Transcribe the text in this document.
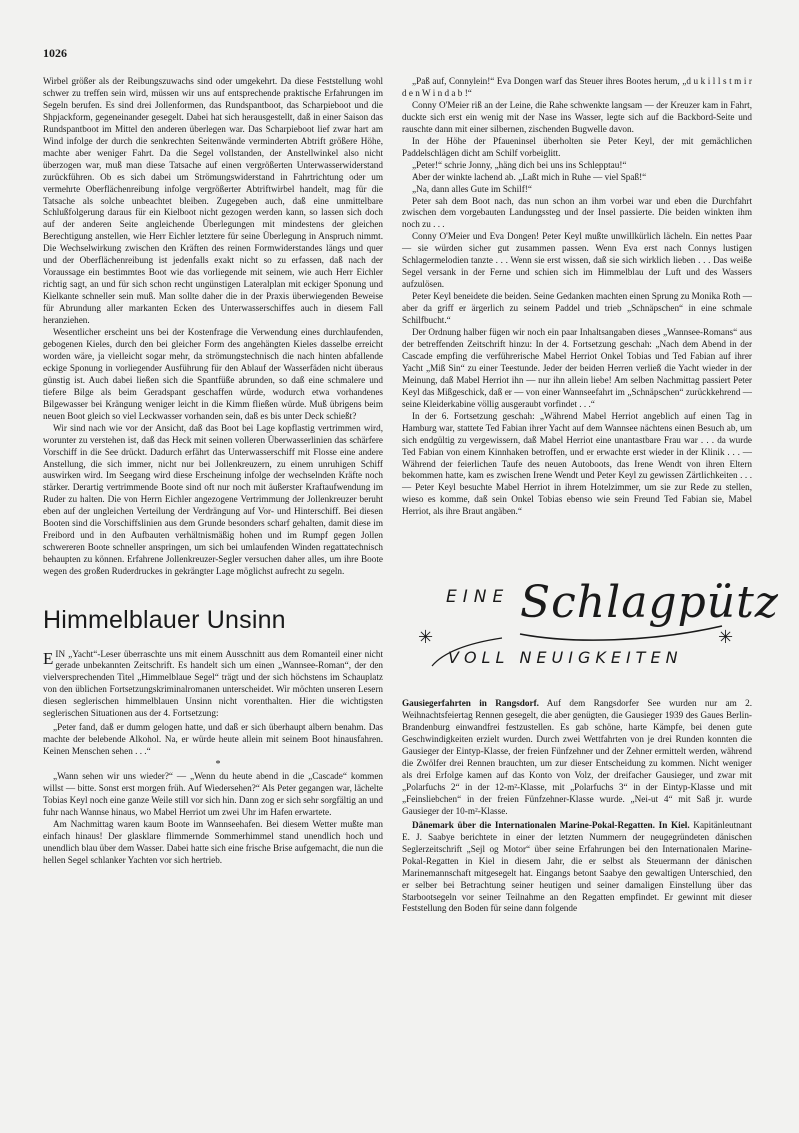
1026

Wirbel größer als der Reibungszuwachs sind oder umgekehrt. Da diese Feststellung wohl schwer zu treffen sein wird, müssen wir uns auf entsprechende praktische Erfahrungen im Segeln berufen. Es sind drei Jollenformen, das Rundspantboot, das Scharpieboot und die Shpjackform, gegeneinander gesegelt. Dabei hat sich herausgestellt, daß in einer Saison das Rundspantboot im Mittel den anderen überlegen war. Das Scharpieboot lief zwar hart am Wind infolge der durch die senkrechten Seitenwände verminderten Abtrift größere Höhe, machte aber weniger Fahrt. Da die Segel vollstanden, der Anstellwinkel also nicht überzogen war, muß man diese Tatsache auf einen vergrößerten Unterwasserwiderstand zurückführen. Ob es sich dabei um Strömungswiderstand in Fahrtrichtung oder um vermehrte Oberflächenreibung infolge vergrößerter Abtriftwirbel handelt, mag für die Tatsache als solche unbeachtet bleiben. Zugegeben auch, daß eine unmittelbare Schlußfolgerung daraus für ein Kielboot nicht gezogen werden kann, so lassen sich doch auf der anderen Seite angleichende Überlegungen mit mindestens der gleichen Berechtigung anstellen, wie Herr Eichler letztere für seine Überlegung in Anspruch nimmt. Die Wechselwirkung zwischen den Kräften des reinen Formwiderstandes längs und quer und der Oberflächenreibung ist jedenfalls exakt nicht so zu erfassen, daß nach der Voraussage ein bestimmtes Boot wie das vorliegende mit seinem, wie auch Herr Eichler richtig sagt, an und für sich schon recht ungünstigen Lateralplan mit eckiger Sponung und Kielkante schneller sein muß. Man sollte daher die in der Praxis überwiegenden Beweise für Abrundung aller markanten Ecken des Unterwasserschiffes auch in diesem Fall heranziehen.

Wesentlicher erscheint uns bei der Kostenfrage die Verwendung eines durchlaufenden, gebogenen Kieles, durch den bei gleicher Form des angehängten Kieles dasselbe erreicht worden wäre, ja vielleicht sogar mehr, da strömungstechnisch die nach hinten abfallende eckige Sponung in vorliegender Ausführung für den Ablauf der Wasserfäden nicht überaus günstig ist. Auch dabei ließen sich die Spantfüße abrunden, so daß eine schmalere und tiefere Bilge als beim Geradspant geschaffen würde, wodurch etwa vorhandenes Bilgewasser bei Krängung weniger leicht in die Kimm fließen würde. Muß übrigens beim neuen Boot gleich so viel Leckwasser vorhanden sein, daß es bis unter Deck schießt?

Wir sind nach wie vor der Ansicht, daß das Boot bei Lage kopflastig vertrimmen wird, worunter zu verstehen ist, daß das Heck mit seinen volleren Überwasserlinien das schärfere Vorschiff in die See drückt. Dadurch erfährt das Unterwasserschiff mit Flosse eine andere Anstellung, die sich immer, nicht nur bei Jollenkreuzern, zu einem unruhigen Schiff auswirken wird. Im Seegang wird diese Erscheinung infolge der wechselnden Kräfte noch stärker. Derartig vertrimmende Boote sind oft nur noch mit äußerster Kraftaufwendung im Ruder zu halten. Die von Herrn Eichler angezogene Vertrimmung der Jollenkreuzer beruht eben auf der ungleichen Verteilung der Verdrängung auf Vor- und Hinterschiff. Bei diesen Booten sind die Vorschiffslinien aus dem Grunde besonders scharf gehalten, damit diese im Freibord und in den Aufbauten verhältnismäßig hohen und im Rumpf gegen Jollen schwereren Boote schneller anspringen, um sich bei umlaufenden Winden regattatechnisch behaupten zu können. Erfahrene Jollenkreuzer-Segler versuchen daher alles, um ihre Boote wegen des großen Ruderdruckes in gekrängter Lage möglichst aufrecht zu segeln.

Himmelblauer Unsinn

EIN „Yacht“-Leser überraschte uns mit einem Ausschnitt aus dem Romanteil einer nicht gerade unbekannten Zeitschrift. Es handelt sich um einen „Wannsee-Roman“, der den vielversprechenden Titel „Himmelblaue Segel“ trägt und der sich höchstens im Schauplatz von den üblichen Fortsetzungskriminalromanen unterscheidet. Wir möchten unseren Lesern diesen seglerischen himmelblauen Unsinn nicht vorenthalten. Hier die wichtigsten seglerischen Situationen aus der 4. Fortsetzung:

„Peter fand, daß er dumm gelogen hatte, und daß er sich überhaupt albern benahm. Das machte der belebende Alkohol. Na, er würde heute allein mit seinem Boot hinausfahren. Keinen Menschen sehen . . .“

*

„Wann sehen wir uns wieder?“ — „Wenn du heute abend in die „Cascade“ kommen willst — bitte. Sonst erst morgen früh. Auf Wiedersehen?“ Als Peter gegangen war, lächelte Tobias Keyl noch eine ganze Weile still vor sich hin. Dann zog er sich sehr sorgfältig an und fuhr nach Wannse hinaus, wo Mabel Herriot um zwei Uhr im Hafen erwartete.

Am Nachmittag waren kaum Boote im Wannseehafen. Bei diesem Wetter mußte man einfach hinaus! Der glasklare flimmernde Sommerhimmel stand unendlich hoch und unendlich blau über dem Wasser. Dabei hatte sich eine frische Brise aufgemacht, die nun die hellen Segel schlanker Yachten vor sich hertrieb.

„Paß auf, Connylein!“ Eva Dongen warf das Steuer ihres Bootes herum, „d u k i l l s t m i r d e n W i n d a b !“

Conny O'Meier riß an der Leine, die Rahe schwenkte langsam — der Kreuzer kam in Fahrt, duckte sich erst ein wenig mit der Nase ins Wasser, legte sich auf die Backbord-Seite und rauschte dann mit einer silbernen, zischenden Bugwelle davon.

In der Höhe der Pfaueninsel überholten sie Peter Keyl, der mit gemächlichen Paddelschlägen dicht am Schilf vorbeiglitt.

„Peter!“ schrie Jonny, „häng dich bei uns ins Schlepptau!“

Aber der winkte lachend ab. „Laßt mich in Ruhe — viel Spaß!“

„Na, dann alles Gute im Schilf!“

Peter sah dem Boot nach, das nun schon an ihm vorbei war und eben die Durchfahrt zwischen dem vorgebauten Landungssteg und der Insel passierte. Die beiden winkten ihm noch zu . . .

Conny O'Meier und Eva Dongen! Peter Keyl mußte unwillkürlich lächeln. Ein nettes Paar — sie würden sicher gut zusammen passen. Wenn Eva erst nach Connys lustigen Schlagermelodien tanzte . . . Wenn sie erst wissen, daß sie sich wirklich lieben . . . Das weiße Segel versank in der Ferne und schien sich im Himmelblau der Luft und des Wassers aufzulösen.

Peter Keyl beneidete die beiden. Seine Gedanken machten einen Sprung zu Monika Roth — aber da griff er ärgerlich zu seinem Paddel und trieb „Schnäpschen“ in eine schmale Schilfbucht.“

Der Ordnung halber fügen wir noch ein paar Inhaltsangaben dieses „Wannsee-Romans“ aus der betreffenden Zeitschrift hinzu: In der 4. Fortsetzung geschah: „Nach dem Abend in der Cascade empfing die verführerische Mabel Herriot Onkel Tobias und Ted Fabian auf ihrer Yacht „Miß Sin“ zu einer Teestunde. Jeder der beiden Herren verließ die Yacht wieder in der Meinung, daß Mabel Herriot ihn — nur ihn allein liebe! Am selben Nachmittag passiert Peter Keyl das Mißgeschick, daß er — von einer Wannseefahrt im „Schnäpschen“ zurückkehrend — seine Kleiderkabine völlig ausgeraubt vorfindet . . .“

In der 6. Fortsetzung geschah: „Während Mabel Herriot angeblich auf einen Tag in Hamburg war, stattete Ted Fabian ihrer Yacht auf dem Wannsee nächtens einen Besuch ab, um sich endgültig zu vergewissern, daß Mabel Herriot eine unantastbare Frau war . . . da wurde Ted Fabian von einem Kinnhaken betroffen, und er erwachte erst wieder in der Klinik . . . — Während der feierlichen Taufe des neuen Autoboots, das Irene Wendt von ihren Eltern bekommen hatte, kam es zwischen Irene Wendt und Peter Keyl zu gewissen Zärtlichkeiten . . . — Peter Keyl besuchte Mabel Herriot in ihrem Hotelzimmer, um sie zur Rede zu stellen, wieso es komme, daß sein Onkel Tobias ebenso wie sein Freund Ted Fabian sie, Mabel Herriot, als ihre Braut angäben.“

EINE Schlagpütz
✳	✳
VOLL NEUIGKEITEN

Gausiegerfahrten in Rangsdorf. Auf dem Rangsdorfer See wurden nur am 2. Weihnachtsfeiertag Rennen gesegelt, die aber genügten, die Gausieger 1939 des Gaues Berlin-Brandenburg einwandfrei festzustellen. Es gab schöne, harte Kämpfe, bei denen gute Geschwindigkeiten erzielt wurden. Durch zwei Wettfahrten von je drei Runden konnten die Gausieger der Eintyp-Klasse, der freien Fünfzehner und der Zehner ermittelt werden, während die Zwölfer drei Rennen brauchten, um zur dieser Entscheidung zu kommen. Nicht weniger als drei Erfolge kamen auf das Konto von Volz, der dreifacher Gausieger, und zwar mit „Polarfuchs 2“ in der 12-m²-Klasse, mit „Polarfuchs 3“ in der Eintyp-Klasse und mit „Feinsliebchen“ in der freien Fünfzehner-Klasse wurde. „Nei-ut 4“ mit Saß jr. wurde Gausieger der 10-m²-Klasse.

Dänemark über die Internationalen Marine-Pokal-Regatten. In Kiel. Kapitänleutnant E. J. Saabye berichtete in einer der letzten Nummern der neugegründeten dänischen Seglerzeitschrift „Sejl og Motor“ über seine Erfahrungen bei den Internationalen Marine-Pokal-Regatten in Kiel in diesem Jahr, die er selbst als Steuermann der dänischen Marinemannschaft mitgesegelt hat. Eingangs betont Saabye den gewaltigen Unterschied, den er selber bei Betrachtung seiner heutigen und seiner damaligen Einstellung über das Starbootsegeln vor seiner Teilnahme an den Regatten empfindet. Er gewinnt mit dieser Feststellung den Boden für seine dann folgende
